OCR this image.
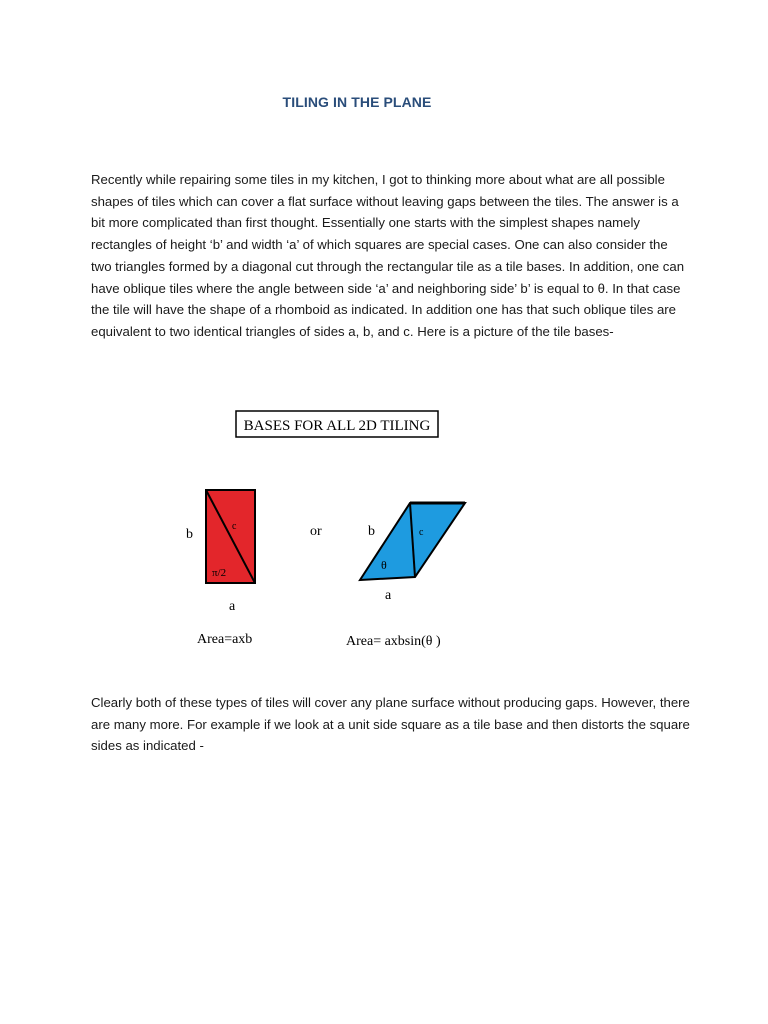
TILING IN THE PLANE
Recently while repairing some tiles in my kitchen, I got to thinking more about what are all possible shapes of tiles which can cover a flat surface without leaving gaps between the tiles. The answer is a bit more complicated than first thought. Essentially one starts with the simplest shapes namely rectangles of height ‘b’ and width ‘a’ of which squares are special cases. One can also consider the two triangles formed by a diagonal cut through the rectangular tile as a tile bases. In addition, one can have oblique tiles where the angle between side ‘a’ and neighboring side’ b’ is equal to θ. In that case the tile will have the shape of a rhomboid as indicated. In addition one has that such oblique tiles are equivalent to two identical triangles of sides a, b, and c. Here is a picture of the tile bases-
BASES FOR ALL 2D TILING
b
a
c
π/2
Area=axb
or	b	c
θ
a
Area= axbsin(θ )
Clearly both of these types of tiles will cover any plane surface without producing gaps. However, there are many more. For example if we look at a unit side square as a tile base and then distorts the square sides as indicated -
